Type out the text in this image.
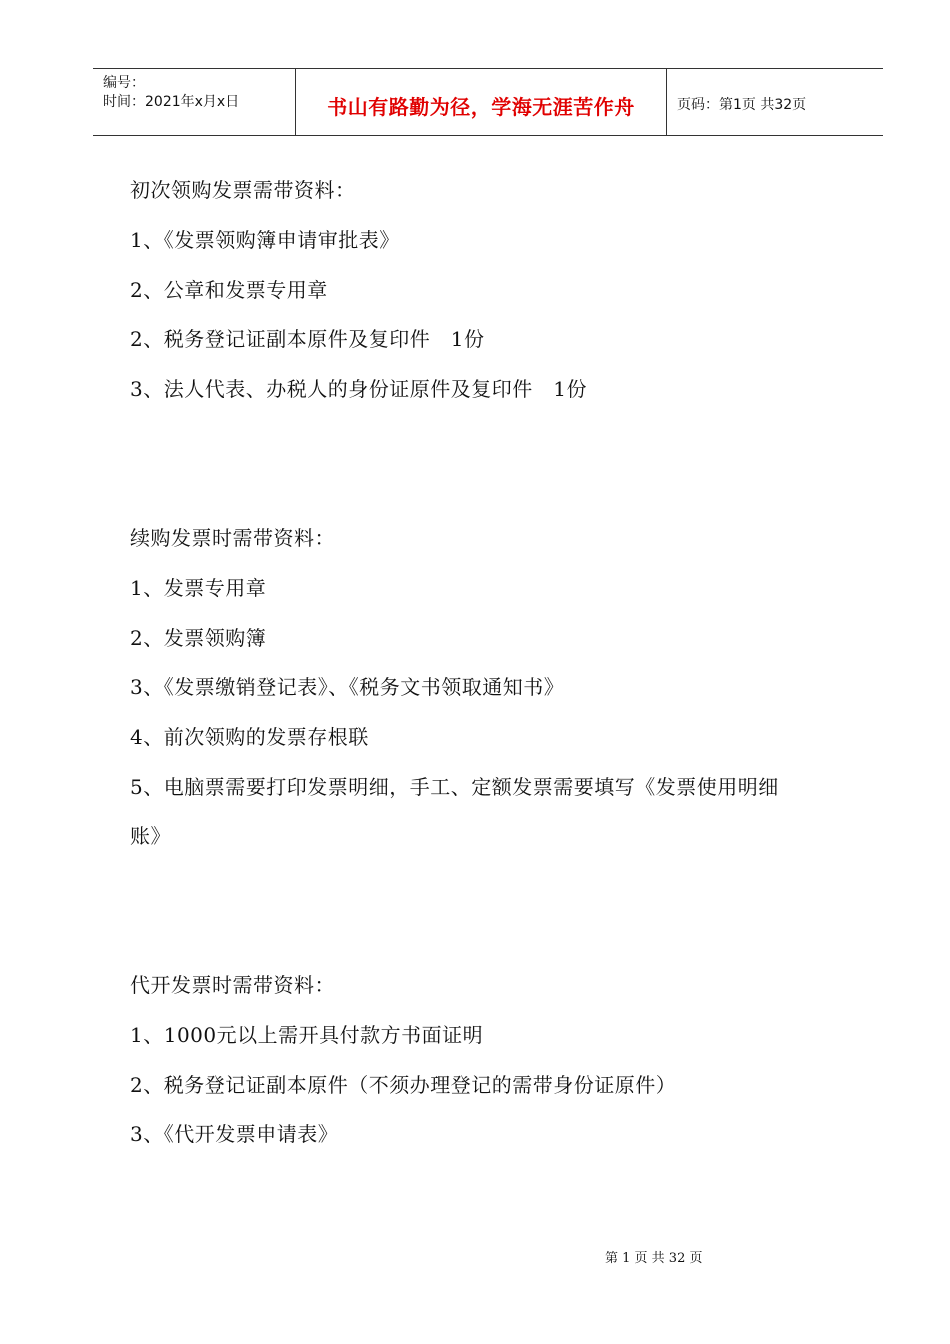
编号：
时间：2021年x月x日	书山有路勤为径，学海无涯苦作舟	页码：第1页 共32页
初次领购发票需带资料：
1、《发票领购簿申请审批表》
2、公章和发票专用章
2、税务登记证副本原件及复印件   1份
3、法人代表、办税人的身份证原件及复印件   1份
续购发票时需带资料：
1、发票专用章
2、发票领购簿
3、《发票缴销登记表》、《税务文书领取通知书》
4、前次领购的发票存根联
5、电脑票需要打印发票明细，手工、定额发票需要填写《发票使用明细
账》
代开发票时需带资料：
1、1000元以上需开具付款方书面证明
2、税务登记证副本原件（不须办理登记的需带身份证原件）
3、《代开发票申请表》
第 1 页 共 32 页
